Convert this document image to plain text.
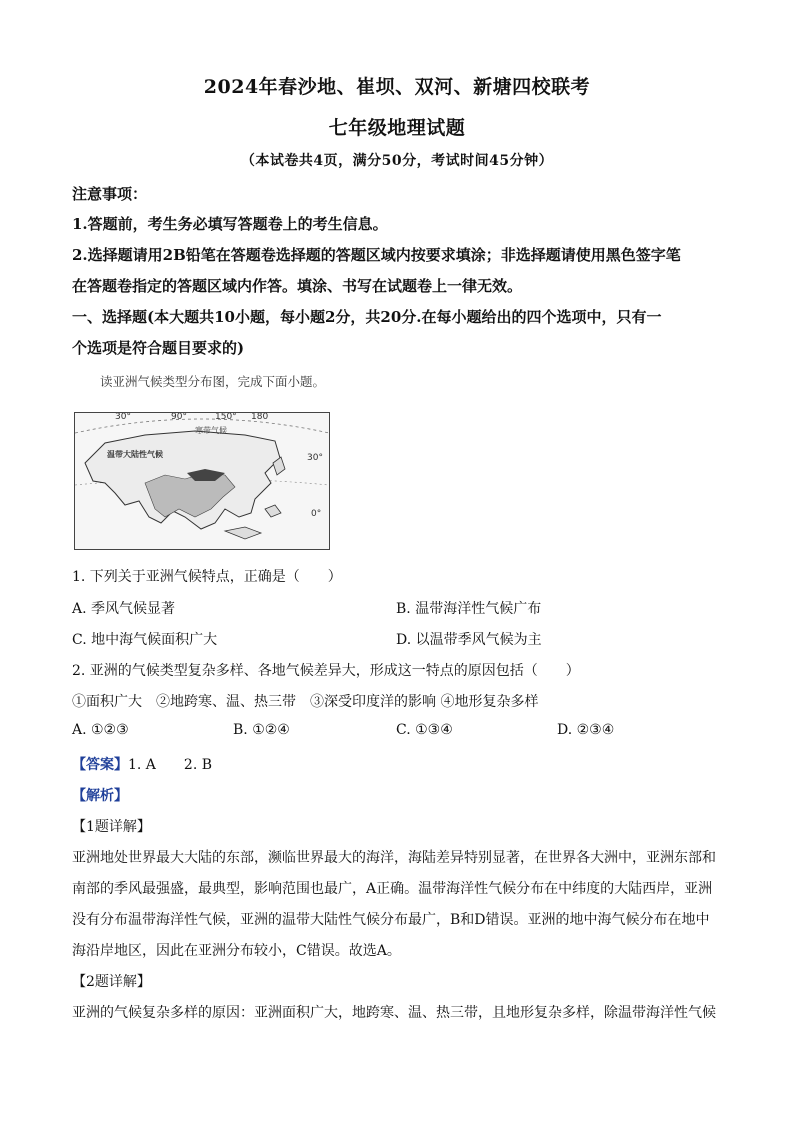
2024年春沙地、崔坝、双河、新塘四校联考
七年级地理试题
（本试卷共4页，满分50分，考试时间45分钟）
注意事项：
1.答题前，考生务必填写答题卷上的考生信息。
2.选择题请用2B铅笔在答题卷选择题的答题区域内按要求填涂；非选择题请使用黑色签字笔
在答题卷指定的答题区域内作答。填涂、书写在试题卷上一律无效。
一、选择题(本大题共10小题，每小题2分，共20分.在每小题给出的四个选项中，只有一
个选项是符合题目要求的)
读亚洲气候类型分布图，完成下面小题。
30°	90°	150° 180
30°
0°
寒带气候
温带大陆性气候
1. 下列关于亚洲气候特点，正确是（　　）
A. 季风气候显著	B. 温带海洋性气候广布
C. 地中海气候面积广大	D. 以温带季风气候为主
2. 亚洲的气候类型复杂多样、各地气候差异大，形成这一特点的原因包括（　　）
①面积广大　②地跨寒、温、热三带　③深受印度洋的影响 ④地形复杂多样
A. ①②③	B. ①②④	C. ①③④	D. ②③④
【答案】1. A　　2. B
【解析】
【1题详解】
亚洲地处世界最大大陆的东部，濒临世界最大的海洋，海陆差异特别显著，在世界各大洲中，亚洲东部和
南部的季风最强盛，最典型，影响范围也最广，A正确。温带海洋性气候分布在中纬度的大陆西岸，亚洲
没有分布温带海洋性气候，亚洲的温带大陆性气候分布最广，B和D错误。亚洲的地中海气候分布在地中
海沿岸地区，因此在亚洲分布较小，C错误。故选A。
【2题详解】
亚洲的气候复杂多样的原因：亚洲面积广大，地跨寒、温、热三带，且地形复杂多样，除温带海洋性气候
